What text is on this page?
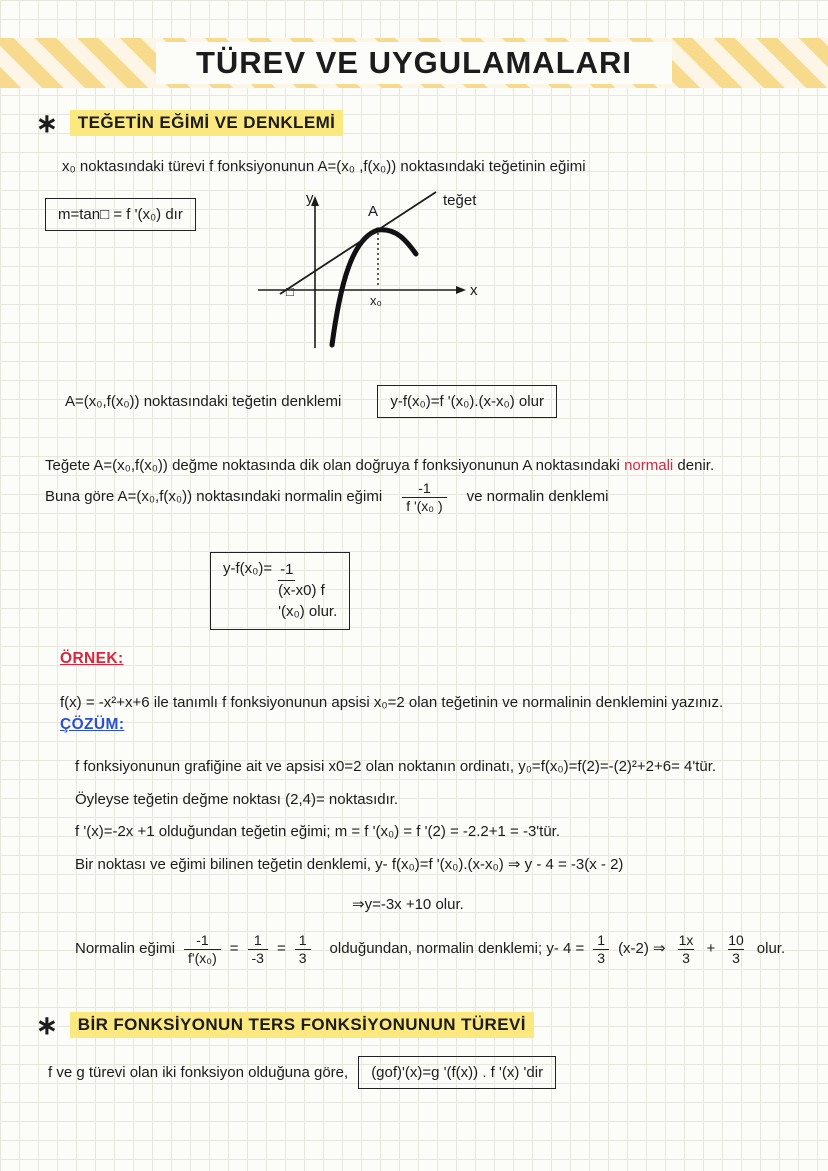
TÜREV VE UYGULAMALARI
∗	TEĞETİN EĞİMİ VE DENKLEMİ
x₀ noktasındaki türevi f fonksiyonunun A=(x₀ ,f(x₀)) noktasındaki teğetinin eğimi
m=tan□ = f '(x₀) dır
y
x
A
teğet
x₀
□
A=(x₀,f(x₀)) noktasındaki teğetin denklemi	y-f(x₀)=f '(x₀).(x-x₀) olur
Teğete A=(x₀,f(x₀)) değme noktasında dik olan doğruya f fonksiyonunun A noktasındaki normali denir.
Buna göre A=(x₀,f(x₀)) noktasındaki normalin eğimi $\frac{-1}{\text{f '(x₀ )}}$ ve normalin denklemi
y-f(x₀)= -1
(x-x0) f
'(x₀) olur.
ÖRNEK:
f(x) = -x²+x+6 ile tanımlı f fonksiyonunun apsisi x₀=2 olan teğetinin ve normalinin denklemini yazınız.
ÇÖZÜM:
f fonksiyonunun grafiğine ait ve apsisi x0=2 olan noktanın ordinatı, y₀=f(x₀)=f(2)=-(2)²+2+6= 4'tür.
Öyleyse teğetin değme noktası (2,4)= noktasıdır.
f '(x)=-2x +1 olduğundan teğetin eğimi; m = f '(x₀) = f '(2) = -2.2+1 = -3'tür.
Bir noktası ve eğimi bilinen teğetin denklemi, y- f(x₀)=f '(x₀).(x-x₀) ⇒ y - 4 = -3(x - 2)
⇒y=-3x +10 olur.
Normalin eğimi $\frac{-1}{\text{f'(x₀)}} = \frac{1}{-3} = \frac{1}{3}$ olduğundan, normalin denklemi; y- $4 = \frac{1}{3} (x-2)$ ⇒ $\frac{1x}{3} + \frac{10}{3}$ olur.
∗	BİR FONKSİYONUN TERS FONKSİYONUNUN TÜREVİ
f ve g türevi olan iki fonksiyon olduğuna göre,	(gof)'(x)=g '(f(x)) . f '(x) 'dir
